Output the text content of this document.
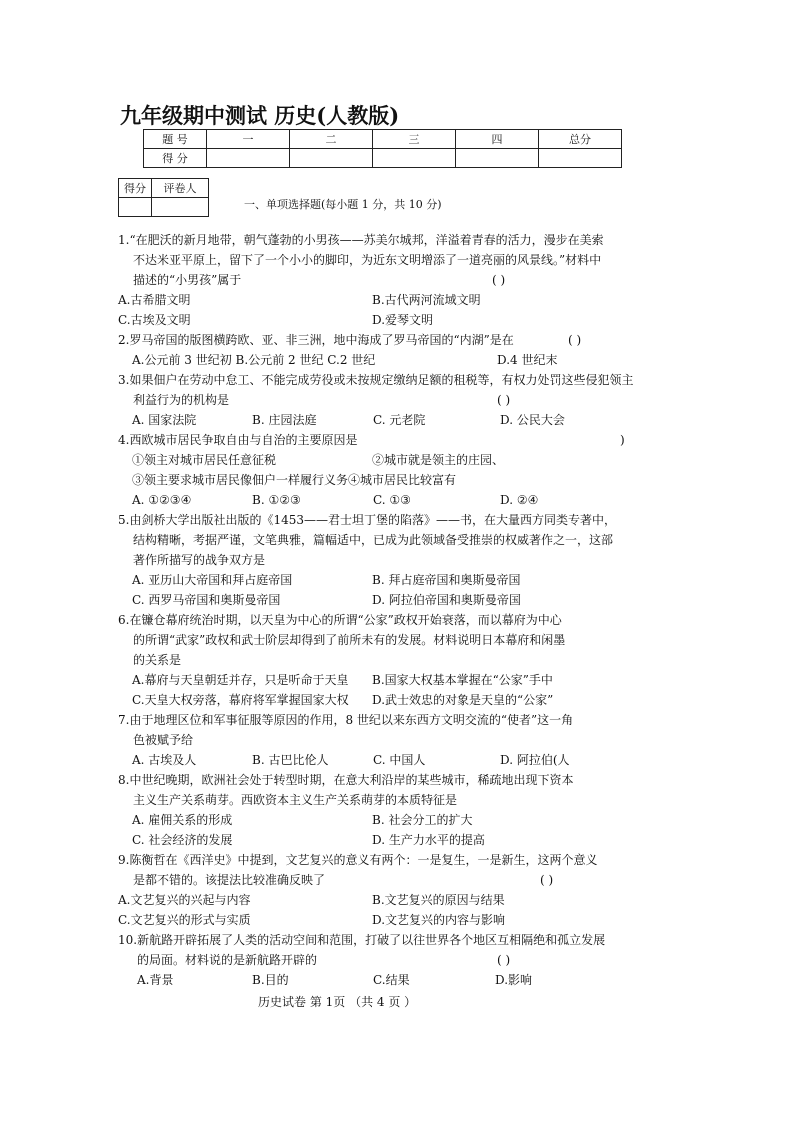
九年级期中测试 历史(人教版)
题 号	一	二	三	四	总分
得 分					
得分	评卷人

一、单项选择题(每小题 1 分，共 10 分)
1.“在肥沃的新月地带，朝气蓬勃的小男孩——苏美尔城邦，洋溢着青春的活力，漫步在美索
不达米亚平原上，留下了一个小小的脚印，为近东文明增添了一道亮丽的风景线。”材料中
描述的“小男孩”属于	( )
A.古希腊文明	B.古代两河流域文明
C.古埃及文明	D.爱琴文明
2.罗马帝国的版图横跨欧、亚、非三洲，地中海成了罗马帝国的“内湖”是在	( )
A.公元前 3 世纪初 B.公元前 2 世纪 C.2 世纪	D.4 世纪末
3.如果佃户在劳动中怠工、不能完成劳役或未按规定缴纳足额的租税等，有权力处罚这些侵犯领主
利益行为的机构是	( )
A. 国家法院	B. 庄园法庭	C. 元老院	D. 公民大会
4.西欧城市居民争取自由与自治的主要原因是	)
①领主对城市居民任意征税	②城市就是领主的庄园、
③领主要求城市居民像佃户一样履行义务④城市居民比较富有
A. ①②③④	B. ①②③	C. ①③	D. ②④
5.由剑桥大学出版社出版的《1453——君士坦丁堡的陷落》——书，在大量西方同类专著中，
结构精晰，考据严谨，文笔典雅，篇幅适中，已成为此领域备受推崇的权威著作之一，这部
著作所描写的战争双方是
A. 亚历山大帝国和拜占庭帝国	B. 拜占庭帝国和奥斯曼帝国
C. 西罗马帝国和奥斯曼帝国	D. 阿拉伯帝国和奥斯曼帝国
6.在镰仓幕府统治时期，以天皇为中心的所谓“公家”政权开始衰落，而以幕府为中心
的所谓“武家”政权和武士阶层却得到了前所未有的发展。材料说明日本幕府和闲墨
的关系是
A.幕府与天皇朝廷并存，只是听命于天皇 B.国家大权基本掌握在“公家”手中
C.天皇大权旁落，幕府将军掌握国家大权 D.武士效忠的对象是天皇的“公家”
7.由于地理区位和军事征服等原因的作用，8 世纪以来东西方文明交流的“使者”这一角
色被赋予给
A. 古埃及人	B. 古巴比伦人	C. 中国人	D. 阿拉伯(人
8.中世纪晚期，欧洲社会处于转型时期，在意大利沿岸的某些城市，稀疏地出现下资本
主义生产关系萌芽。西欧资本主义生产关系萌芽的本质特征是
A. 雇佣关系的形成	B. 社会分工的扩大
C. 社会经济的发展	D. 生产力水平的提高
9.陈衡哲在《西洋史》中提到，文艺复兴的意义有两个：一是复生，一是新生，这两个意义
是都不错的。该提法比较准确反映了	( )
A.文艺复兴的兴起与内容	B.文艺复兴的原因与结果
C.文艺复兴的形式与实质	D.文艺复兴的内容与影响
10.新航路开辟拓展了人类的活动空间和范围，打破了以往世界各个地区互相隔绝和孤立发展
的局面。材料说的是新航路开辟的	( )
A.背景	B.目的	C.结果	D.影响
历史试卷 第 1页 （共 4 页 ）
